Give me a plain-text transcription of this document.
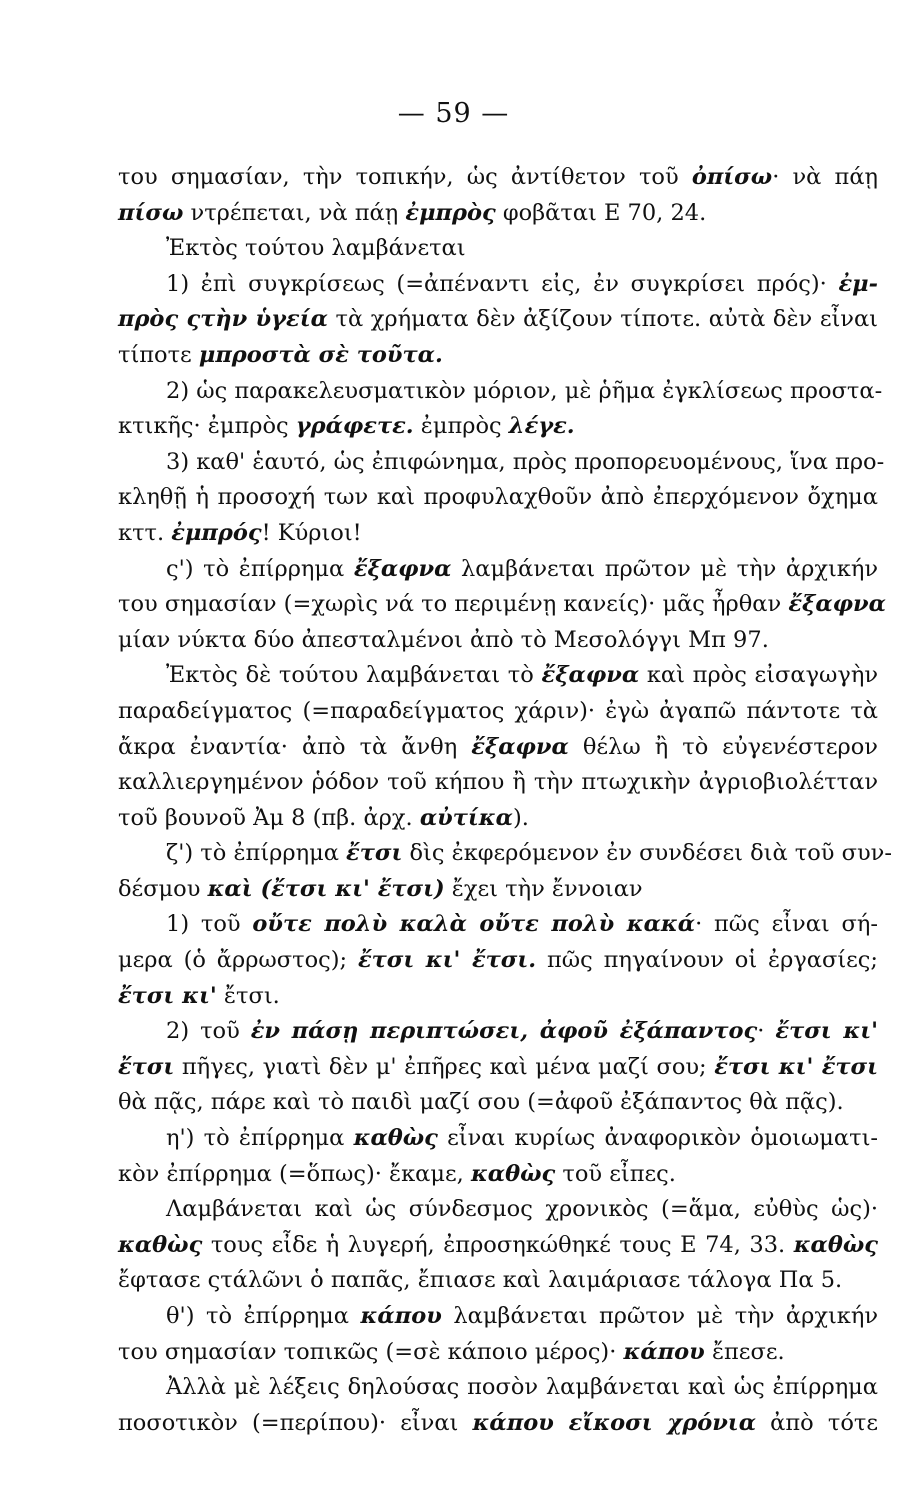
— 59 —
του σημασίαν, τὴν τοπικήν, ὡς ἀντίθετον τοῦ ὀπίσω· νὰ πάῃ
πίσω ντρέπεται, νὰ πάῃ ἐμπρὸς φοβᾶται Ε 70, 24.
Ἐκτὸς τούτου λαμβάνεται
1) ἐπὶ συγκρίσεως (=ἀπέναντι εἰς, ἐν συγκρίσει πρός)· ἐμ-
πρὸς ςτὴν ὑγεία τὰ χρήματα δὲν ἀξίζουν τίποτε. αὐτὰ δὲν εἶναι
τίποτε μπροστὰ σὲ τοῦτα.
2) ὡς παρακελευσματικὸν μόριον, μὲ ῥῆμα ἐγκλίσεως προστα-
κτικῆς· ἐμπρὸς γράφετε. ἐμπρὸς λέγε.
3) καθ' ἑαυτό, ὡς ἐπιφώνημα, πρὸς προπορευομένους, ἵνα προ-
κληθῇ ἡ προσοχή των καὶ προφυλαχθοῦν ἀπὸ ἐπερχόμενον ὄχημα
κττ. ἐμπρός! Κύριοι!
ς') τὸ ἐπίρρημα ἔξαφνα λαμβάνεται πρῶτον μὲ τὴν ἀρχικήν
του σημασίαν (=χωρὶς νά το περιμένῃ κανείς)· μᾶς ἦρθαν ἔξαφνα
μίαν νύκτα δύο ἀπεσταλμένοι ἀπὸ τὸ Μεσολόγγι Μπ 97.
Ἐκτὸς δὲ τούτου λαμβάνεται τὸ ἔξαφνα καὶ πρὸς εἰσαγωγὴν
παραδείγματος (=παραδείγματος χάριν)· ἐγὼ ἀγαπῶ πάντοτε τὰ
ἄκρα ἐναντία· ἀπὸ τὰ ἄνθη ἔξαφνα θέλω ἢ τὸ εὐγενέστερον
καλλιεργημένον ῥόδον τοῦ κήπου ἢ τὴν πτωχικὴν ἀγριοβιολέτταν
τοῦ βουνοῦ Ἀμ 8 (πβ. ἀρχ. αὐτίκα).
ζ') τὸ ἐπίρρημα ἔτσι δὶς ἐκφερόμενον ἐν συνδέσει διὰ τοῦ συν-
δέσμου καὶ (ἔτσι κι' ἔτσι) ἔχει τὴν ἔννοιαν
1) τοῦ οὔτε πολὺ καλὰ οὔτε πολὺ κακά· πῶς εἶναι σή-
μερα (ὁ ἄρρωστος); ἔτσι κι' ἔτσι. πῶς πηγαίνουν οἱ ἐργασίες;
ἔτσι κι' ἔτσι.
2) τοῦ ἐν πάσῃ περιπτώσει, ἀφοῦ ἐξάπαντος· ἔτσι κι'
ἔτσι πῆγες, γιατὶ δὲν μ' ἐπῆρες καὶ μένα μαζί σου; ἔτσι κι' ἔτσι
θὰ πᾷς, πάρε καὶ τὸ παιδὶ μαζί σου (=ἀφοῦ ἐξάπαντος θὰ πᾷς).
η') τὸ ἐπίρρημα καθὼς εἶναι κυρίως ἀναφορικὸν ὁμοιωματι-
κὸν ἐπίρρημα (=ὅπως)· ἔκαμε, καθὼς τοῦ εἶπες.
Λαμβάνεται καὶ ὡς σύνδεσμος χρονικὸς (=ἅμα, εὐθὺς ὡς)·
καθὼς τους εἶδε ἡ λυγερή, ἐπροσηκώθηκέ τους Ε 74, 33. καθὼς
ἔφτασε ςτάλῶνι ὁ παπᾶς, ἔπιασε καὶ λαιμάριασε τάλογα Πα 5.
θ') τὸ ἐπίρρημα κάπου λαμβάνεται πρῶτον μὲ τὴν ἀρχικήν
του σημασίαν τοπικῶς (=σὲ κάποιο μέρος)· κάπου ἔπεσε.
Ἀλλὰ μὲ λέξεις δηλούσας ποσὸν λαμβάνεται καὶ ὡς ἐπίρρημα
ποσοτικὸν (=περίπου)· εἶναι κάπου εἴκοσι χρόνια ἀπὸ τότε
